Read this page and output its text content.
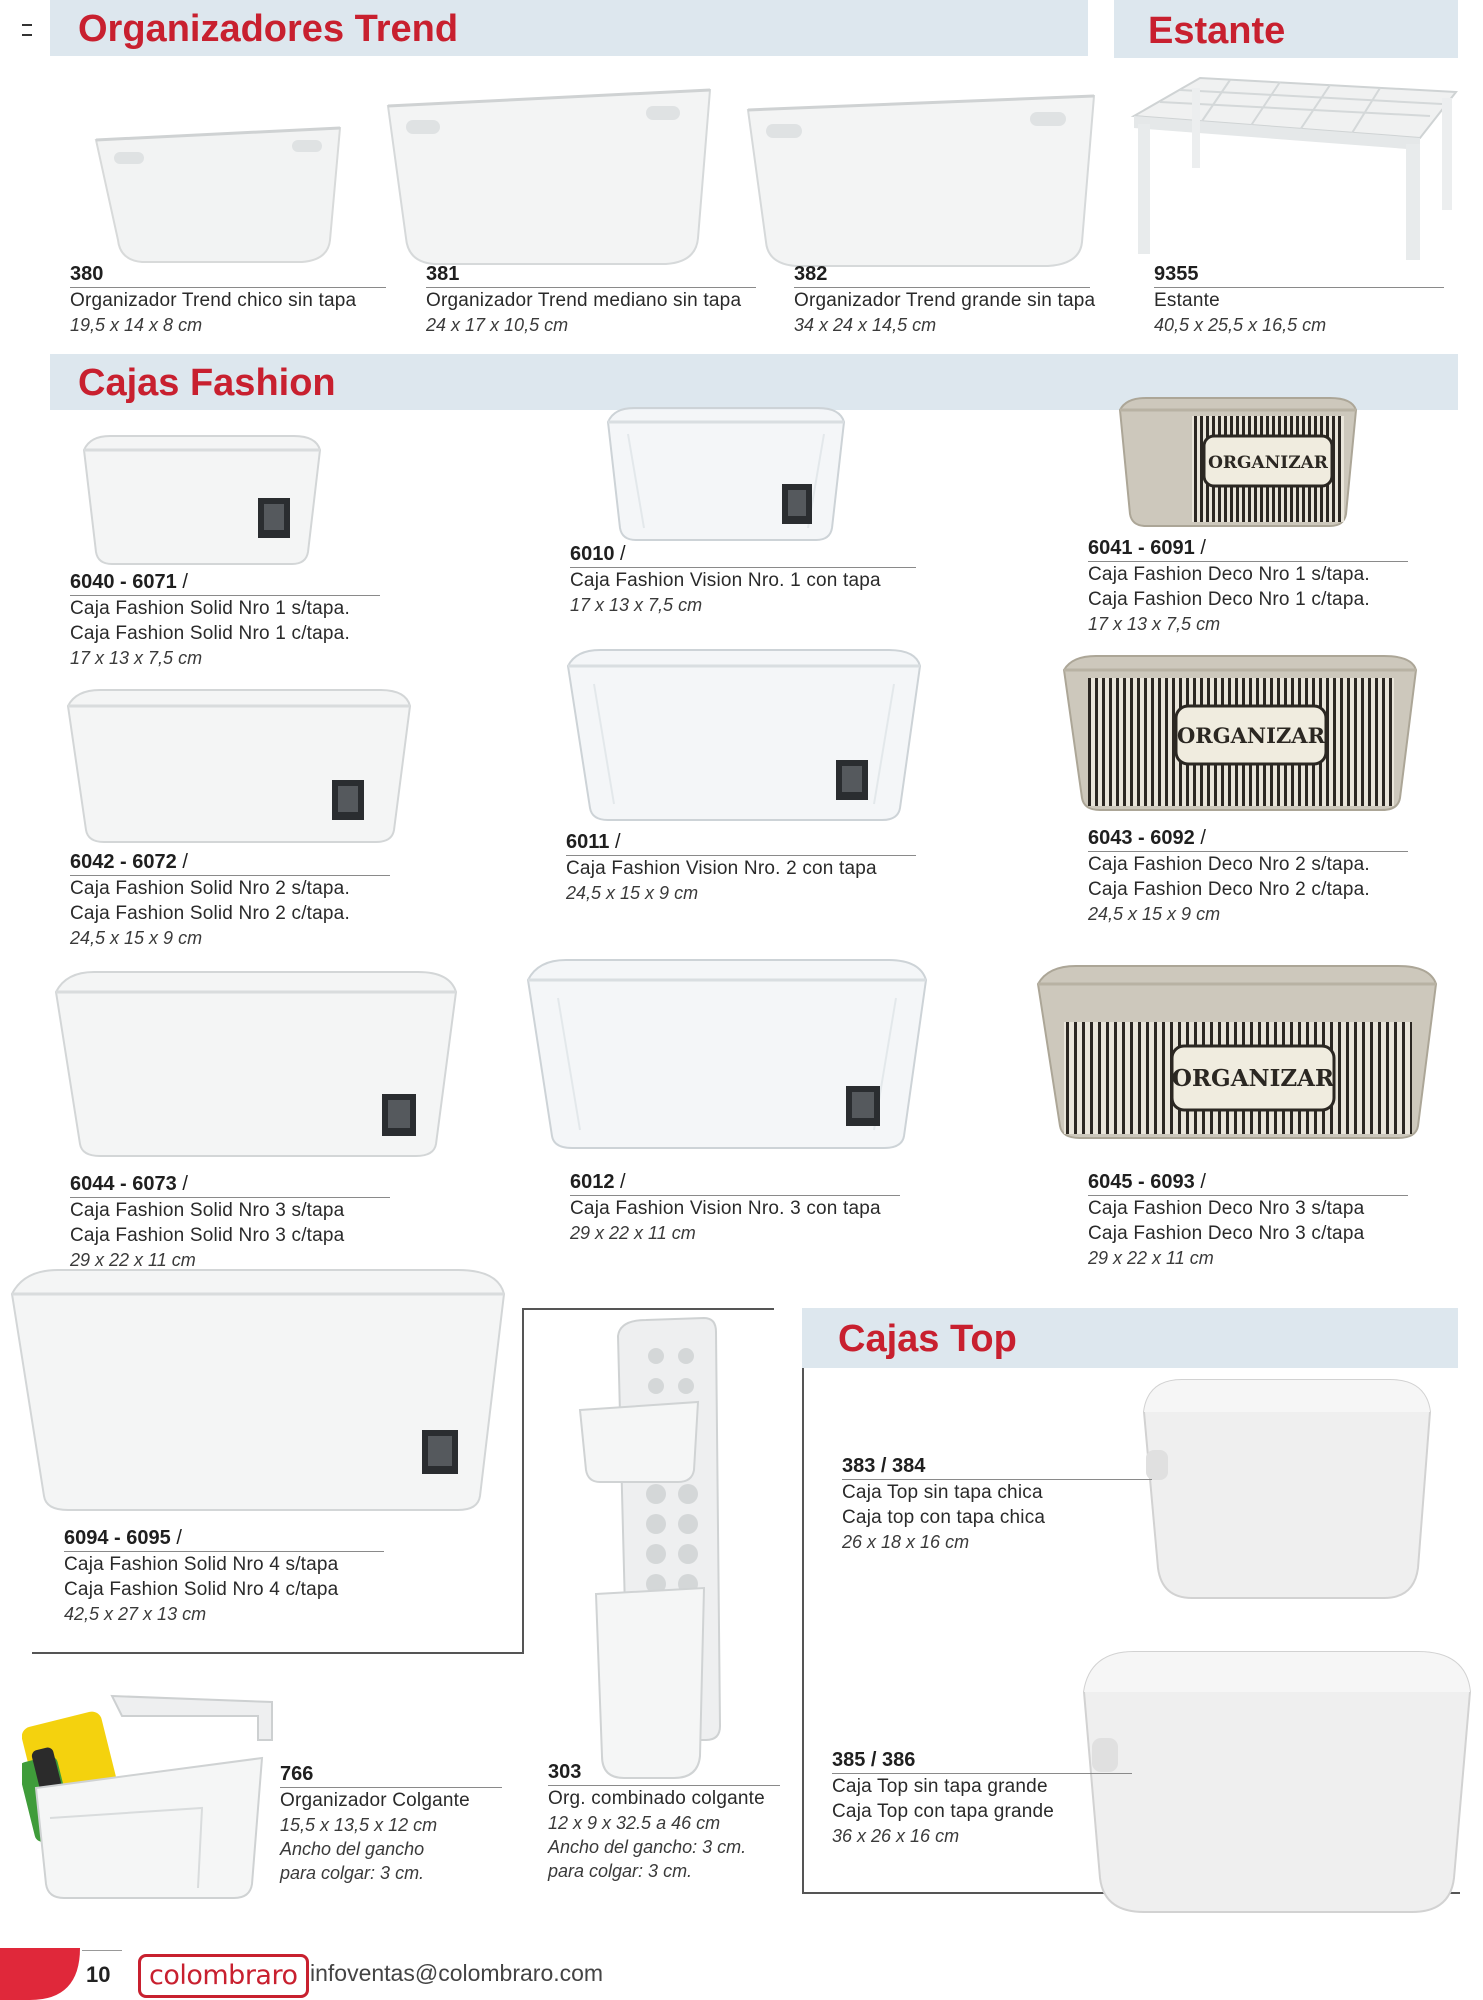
Organizadores Trend	Estante
Cajas Fashion
Cajas Top
ORGANIZAR
ORGANIZAR
ORGANIZAR
380
Organizador Trend chico sin tapa
19,5 x 14 x 8 cm
381
Organizador Trend mediano sin tapa
24 x 17 x 10,5 cm
382
Organizador Trend grande sin tapa
34 x 24 x 14,5 cm
9355
Estante
40,5 x 25,5 x 16,5 cm
6040 - 6071 /
Caja Fashion Solid Nro 1 s/tapa.
Caja Fashion Solid Nro 1 c/tapa.
17 x 13 x 7,5 cm
6010 /
Caja Fashion Vision Nro. 1 con tapa
17 x 13 x 7,5 cm
6041 - 6091 /
Caja Fashion Deco Nro 1 s/tapa.
Caja Fashion Deco Nro 1 c/tapa.
17 x 13 x 7,5 cm
6042 - 6072 /
Caja Fashion Solid Nro 2 s/tapa.
Caja Fashion Solid Nro 2 c/tapa.
24,5 x 15 x 9 cm
6011 /
Caja Fashion Vision Nro. 2 con tapa
24,5 x 15 x 9 cm
6043 - 6092 /
Caja Fashion Deco Nro 2 s/tapa.
Caja Fashion Deco Nro 2 c/tapa.
24,5 x 15 x 9 cm
6044 - 6073 /
Caja Fashion Solid Nro 3 s/tapa
Caja Fashion Solid Nro 3 c/tapa
29 x 22 x 11 cm
6012 /
Caja Fashion Vision Nro. 3 con tapa
29 x 22 x 11 cm
6045 - 6093 /
Caja Fashion Deco Nro 3 s/tapa
Caja Fashion Deco Nro 3 c/tapa
29 x 22 x 11 cm
6094 - 6095 /
Caja Fashion Solid Nro 4 s/tapa
Caja Fashion Solid Nro 4 c/tapa
42,5 x 27 x 13 cm
383 / 384
Caja Top sin tapa chica
Caja top con tapa chica
26 x 18 x 16 cm
385 / 386
Caja Top sin tapa grande
Caja Top con tapa grande
36 x 26 x 16 cm
766
Organizador Colgante
15,5 x 13,5 x 12 cm
Ancho del gancho
para colgar: 3 cm.
303
Org. combinado colgante
12 x 9 x 32.5 a 46 cm
Ancho del gancho: 3 cm.
para colgar: 3 cm.
10	colombraro infoventas@colombraro.com
